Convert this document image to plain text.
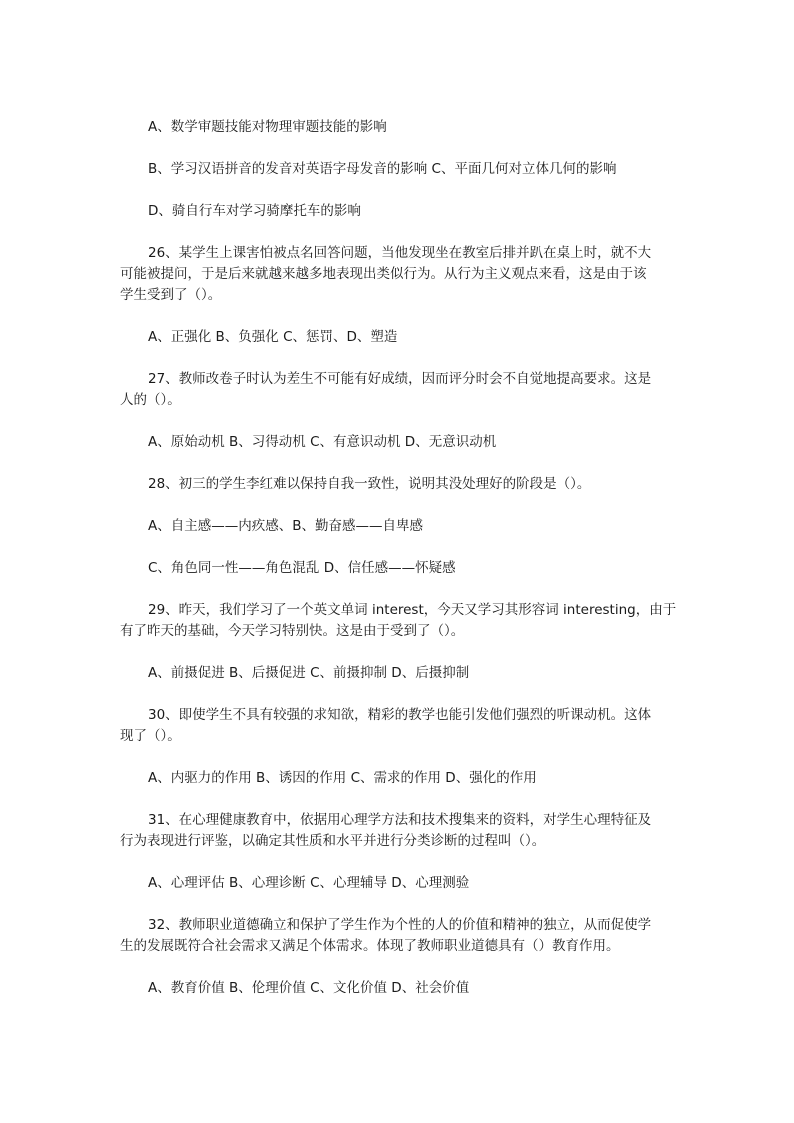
A、数学审题技能对物理审题技能的影响

B、学习汉语拼音的发音对英语字母发音的影响 C、平面几何对立体几何的影响

D、骑自行车对学习骑摩托车的影响

26、某学生上课害怕被点名回答问题，当他发现坐在教室后排并趴在桌上时，就不大
可能被提问，于是后来就越来越多地表现出类似行为。从行为主义观点来看，这是由于该
学生受到了（）。

A、正强化 B、负强化 C、惩罚、D、塑造

27、教师改卷子时认为差生不可能有好成绩，因而评分时会不自觉地提高要求。这是
人的（）。

A、原始动机 B、习得动机 C、有意识动机 D、无意识动机

28、初三的学生李红难以保持自我一致性，说明其没处理好的阶段是（）。

A、自主感——内疚感、B、勤奋感——自卑感

C、角色同一性——角色混乱 D、信任感——怀疑感

29、昨天，我们学习了一个英文单词 interest，今天又学习其形容词 interesting，由于
有了昨天的基础，今天学习特别快。这是由于受到了（）。

A、前摄促进 B、后摄促进 C、前摄抑制 D、后摄抑制

30、即使学生不具有较强的求知欲，精彩的教学也能引发他们强烈的听课动机。这体
现了（）。

A、内驱力的作用 B、诱因的作用 C、需求的作用 D、强化的作用

31、在心理健康教育中，依据用心理学方法和技术搜集来的资料，对学生心理特征及
行为表现进行评鉴，以确定其性质和水平并进行分类诊断的过程叫（）。

A、心理评估 B、心理诊断 C、心理辅导 D、心理测验

32、教师职业道德确立和保护了学生作为个性的人的价值和精神的独立，从而促使学
生的发展既符合社会需求又满足个体需求。体现了教师职业道德具有（）教育作用。

A、教育价值 B、伦理价值 C、文化价值 D、社会价值
